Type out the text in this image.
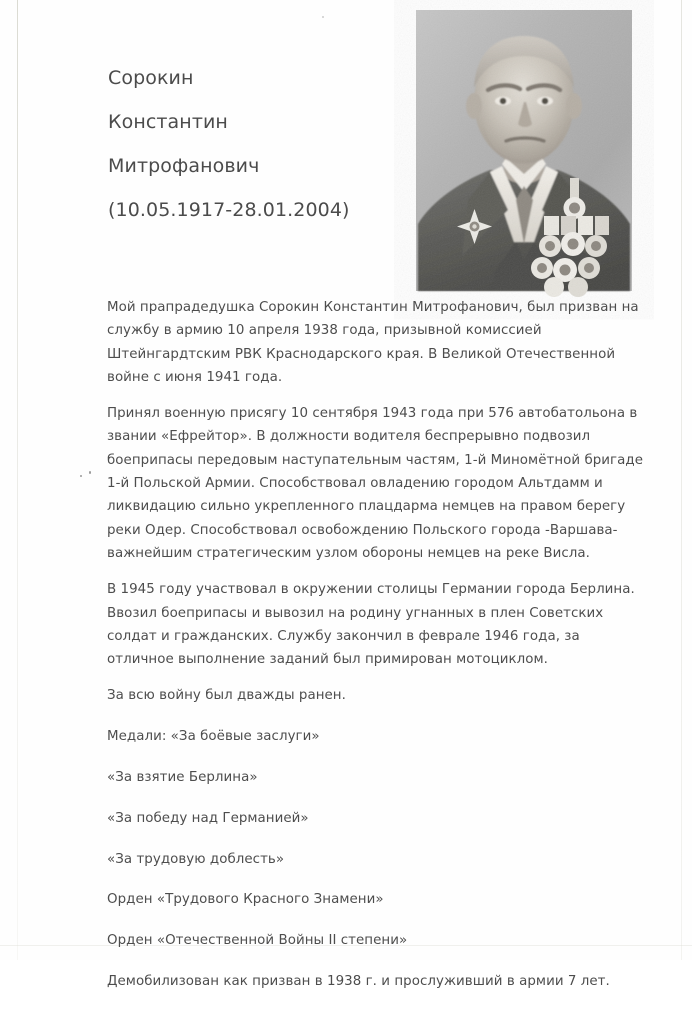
Сорокин
Константин
Митрофанович
(10.05.1917-28.01.2004)

Мой прапрадедушка Сорокин Константин Митрофанович, был призван на службу в армию 10 апреля 1938 года, призывной комиссией Штейнгардтским РВК Краснодарского края. В Великой Отечественной войне с июня 1941 года.

Принял военную присягу 10 сентября 1943 года при 576 автобатольона в звании «Ефрейтор». В должности водителя беспрерывно подвозил боеприпасы передовым наступательным частям, 1-й Миномётной бригаде 1-й Польской Армии. Способствовал овладению городом Альтдамм и ликвидацию сильно укрепленного плацдарма немцев на правом берегу реки Одер. Способствовал освобождению Польского города -Варшава- важнейшим стратегическим узлом обороны немцев на реке Висла.

В 1945 году участвовал в окружении столицы Германии города Берлина. Ввозил боеприпасы и вывозил на родину угнанных в плен Советских солдат и гражданских. Службу закончил в феврале 1946 года, за отличное выполнение заданий был примирован мотоциклом.

За всю войну был дважды ранен.

Медали: «За боёвые заслуги»

«За взятие Берлина»

«За победу над Германией»

«За трудовую доблесть»

Орден «Трудового Красного Знамени»

Орден «Отечественной Войны II степени»

Демобилизован как призван в 1938 г. и прослуживший в армии 7 лет.
